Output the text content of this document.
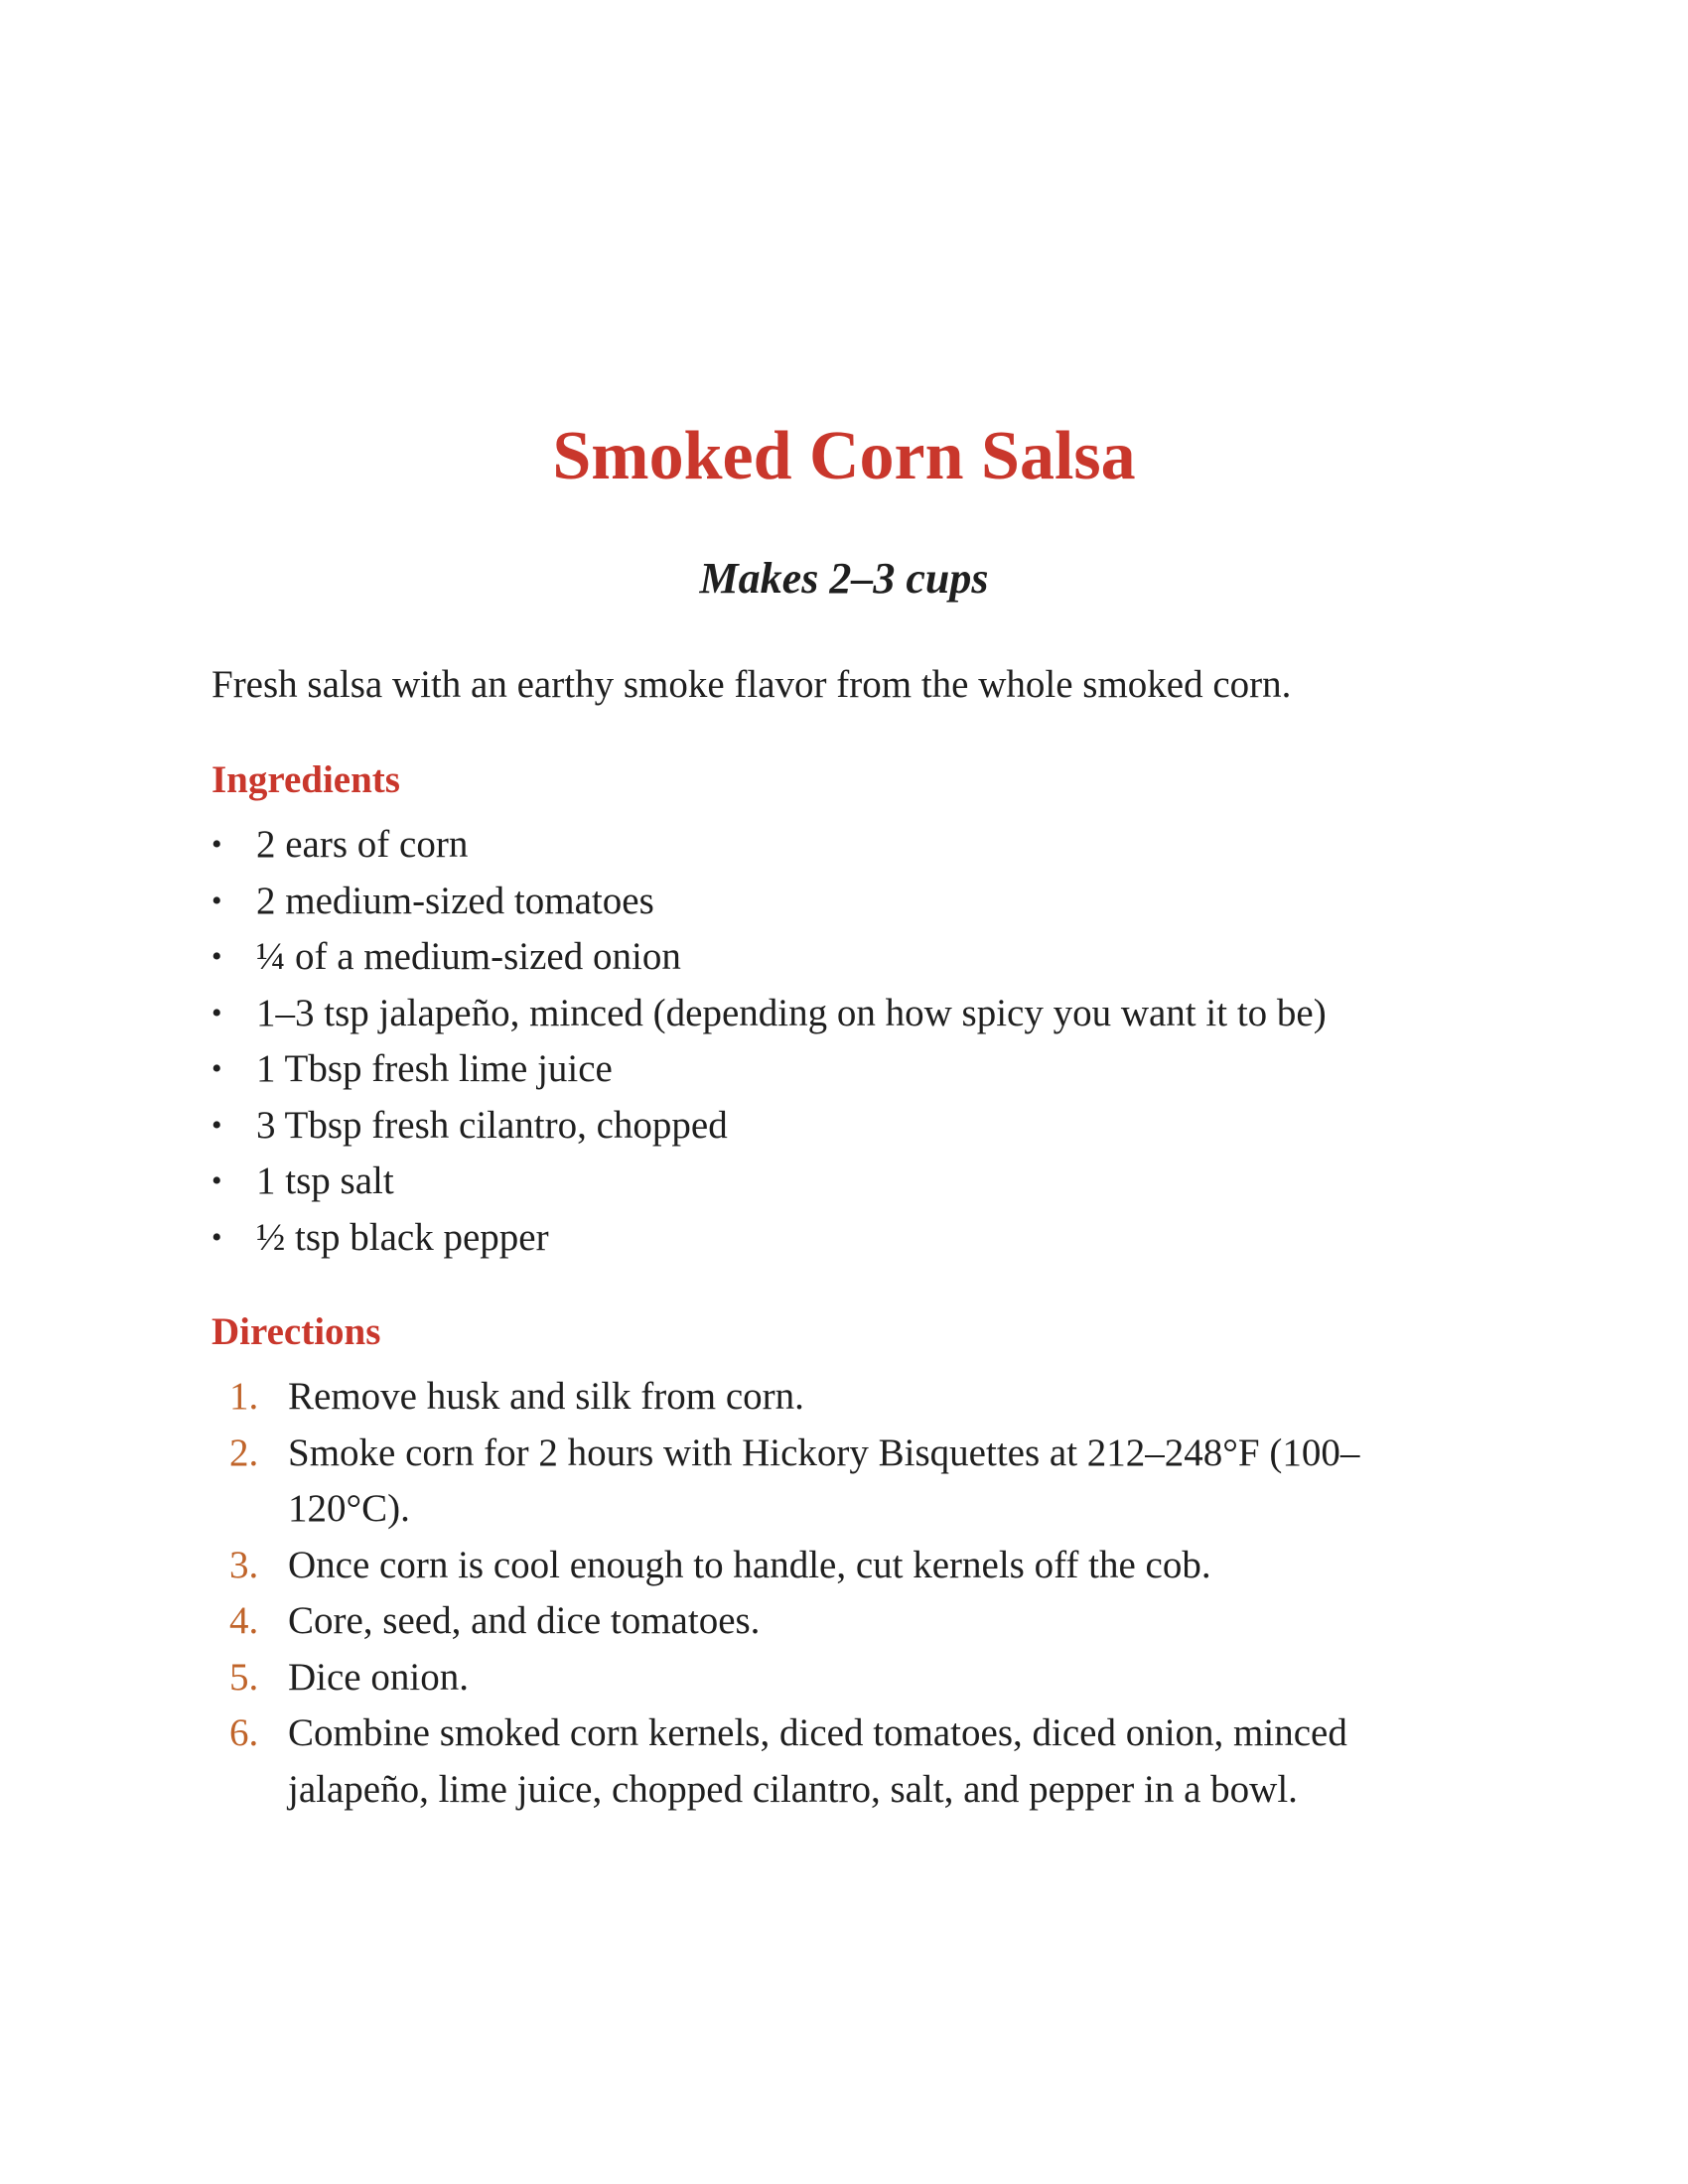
Smoked Corn Salsa

Makes 2–3 cups

Fresh salsa with an earthy smoke flavor from the whole smoked corn.

Ingredients
• 2 ears of corn
• 2 medium-sized tomatoes
• ¼ of a medium-sized onion
• 1–3 tsp jalapeño, minced (depending on how spicy you want it to be)
• 1 Tbsp fresh lime juice
• 3 Tbsp fresh cilantro, chopped
• 1 tsp salt
• ½ tsp black pepper
Directions
1. Remove husk and silk from corn.
2. Smoke corn for 2 hours with Hickory Bisquettes at 212–248°F (100–120°C).
3. Once corn is cool enough to handle, cut kernels off the cob.
4. Core, seed, and dice tomatoes.
5. Dice onion.
6. Combine smoked corn kernels, diced tomatoes, diced onion, minced jalapeño, lime juice, chopped cilantro, salt, and pepper in a bowl.
